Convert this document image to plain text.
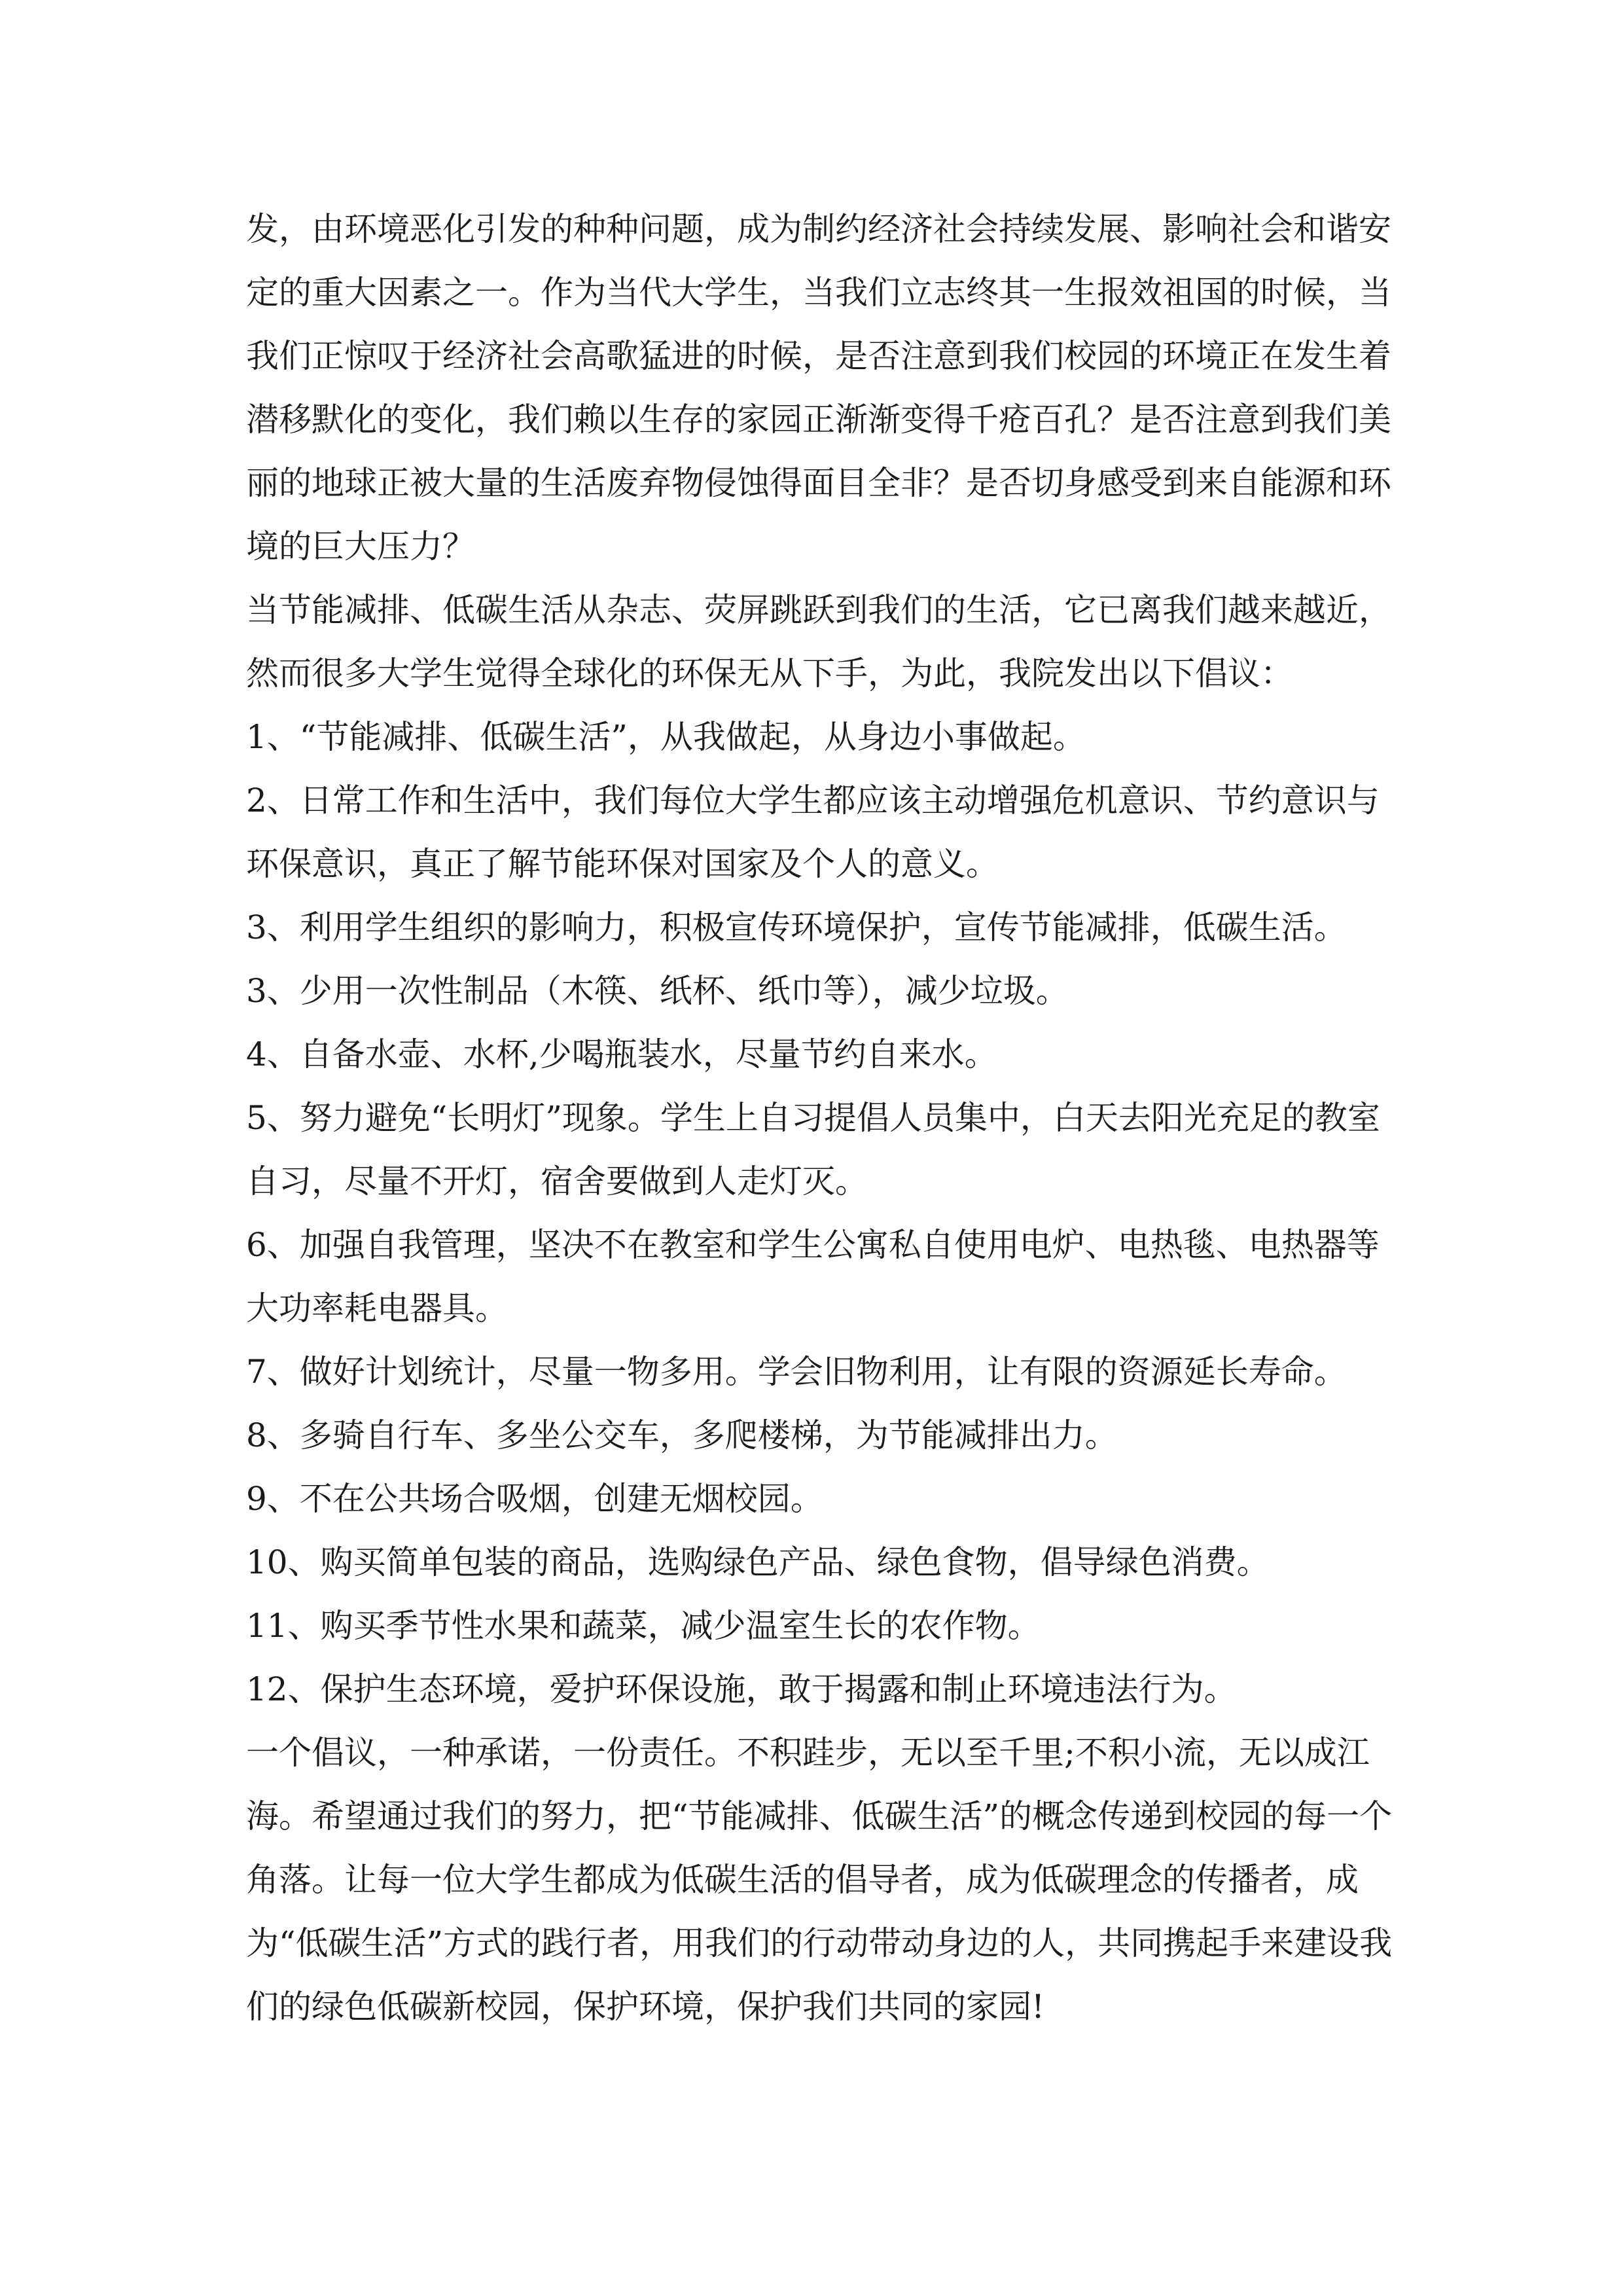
发，由环境恶化引发的种种问题，成为制约经济社会持续发展、影响社会和谐安定的重大因素之一。作为当代大学生，当我们立志终其一生报效祖国的时候，当我们正惊叹于经济社会高歌猛进的时候，是否注意到我们校园的环境正在发生着潜移默化的变化，我们赖以生存的家园正渐渐变得千疮百孔？是否注意到我们美丽的地球正被大量的生活废弃物侵蚀得面目全非？是否切身感受到来自能源和环境的巨大压力？

当节能减排、低碳生活从杂志、荧屏跳跃到我们的生活，它已离我们越来越近，然而很多大学生觉得全球化的环保无从下手，为此，我院发出以下倡议：

1、“节能减排、低碳生活”，从我做起，从身边小事做起。

2、日常工作和生活中，我们每位大学生都应该主动增强危机意识、节约意识与环保意识，真正了解节能环保对国家及个人的意义。

3、利用学生组织的影响力，积极宣传环境保护，宣传节能减排，低碳生活。

3、少用一次性制品（木筷、纸杯、纸巾等），减少垃圾。

4、自备水壶、水杯,少喝瓶装水，尽量节约自来水。

5、努力避免“长明灯”现象。学生上自习提倡人员集中，白天去阳光充足的教室自习，尽量不开灯，宿舍要做到人走灯灭。

6、加强自我管理，坚决不在教室和学生公寓私自使用电炉、电热毯、电热器等大功率耗电器具。

7、做好计划统计，尽量一物多用。学会旧物利用，让有限的资源延长寿命。

8、多骑自行车、多坐公交车，多爬楼梯，为节能减排出力。

9、不在公共场合吸烟，创建无烟校园。

10、购买简单包装的商品，选购绿色产品、绿色食物，倡导绿色消费。

11、购买季节性水果和蔬菜，减少温室生长的农作物。

12、保护生态环境，爱护环保设施，敢于揭露和制止环境违法行为。

一个倡议，一种承诺，一份责任。不积跬步，无以至千里;不积小流，无以成江海。希望通过我们的努力，把“节能减排、低碳生活”的概念传递到校园的每一个角落。让每一位大学生都成为低碳生活的倡导者，成为低碳理念的传播者，成为“低碳生活”方式的践行者，用我们的行动带动身边的人，共同携起手来建设我们的绿色低碳新校园，保护环境，保护我们共同的家园!
